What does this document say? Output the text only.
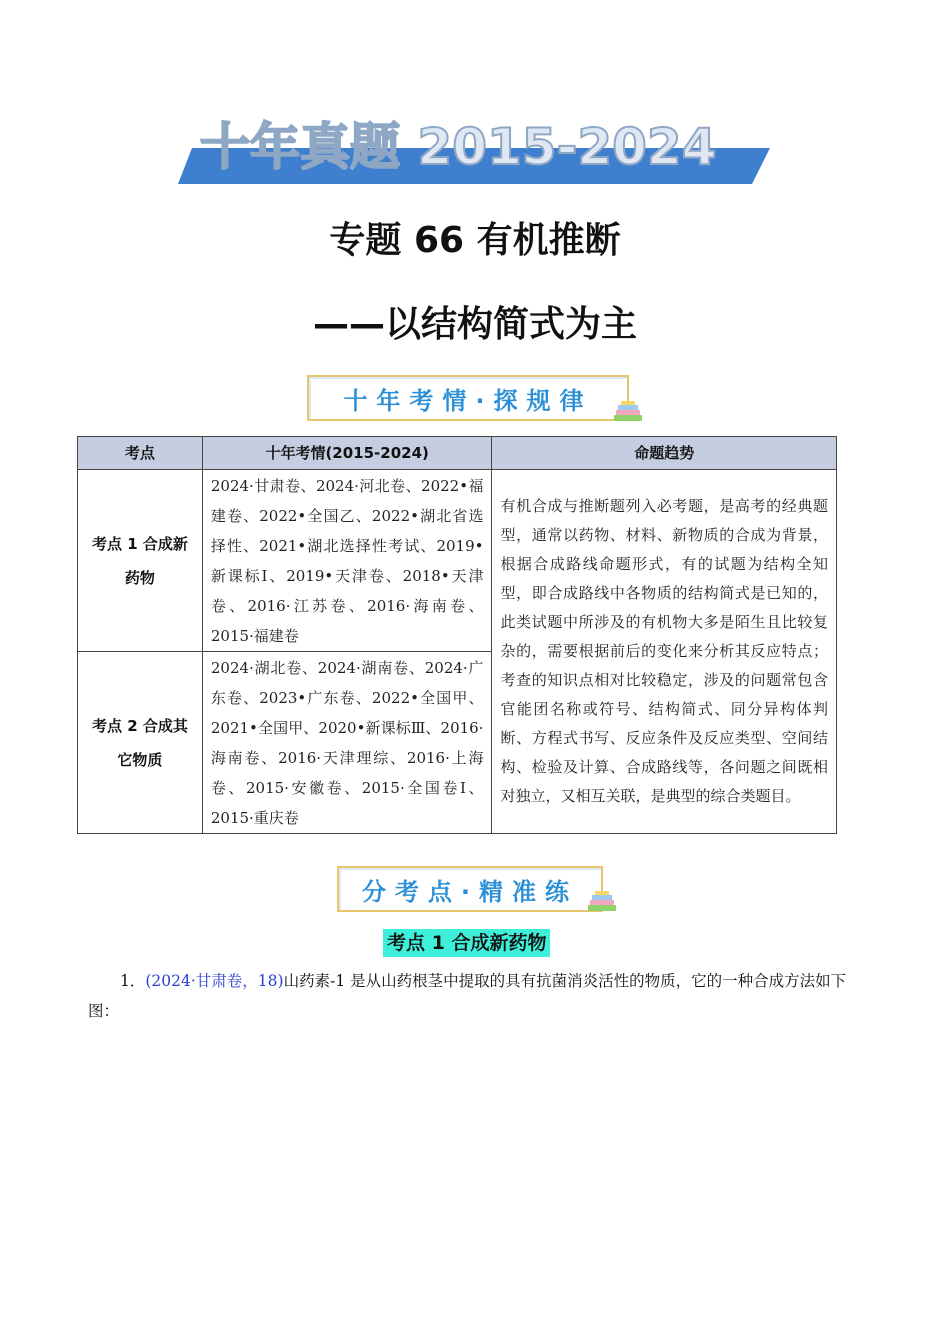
十年真题 2015-2024
专题 66 有机推断
——以结构简式为主
十年考情·探规律
考点	十年考情(2015-2024)	命题趋势
考点 1 合成新药物	2024·甘肃卷、2024·河北卷、2022•福建卷、2022•全国乙、2022•湖北省选择性、2021•湖北选择性考试、2019•新课标Ⅰ、2019•天津卷、2018•天津卷、2016·江苏卷、2016·海南卷、2015·福建卷	有机合成与推断题列入必考题，是高考的经典题型，通常以药物、材料、新物质的合成为背景，根据合成路线命题形式，有的试题为结构全知型，即合成路线中各物质的结构简式是已知的，此类试题中所涉及的有机物大多是陌生且比较复杂的，需要根据前后的变化来分析其反应特点；考查的知识点相对比较稳定，涉及的问题常包含官能团名称或符号、结构简式、同分异构体判断、方程式书写、反应条件及反应类型、空间结构、检验及计算、合成路线等，各问题之间既相对独立，又相互关联，是典型的综合类题目。
考点 2 合成其它物质	2024·湖北卷、2024·湖南卷、2024·广东卷、2023•广东卷、2022•全国甲、2021•全国甲、2020•新课标Ⅲ、2016·海南卷、2016·天津理综、2016·上海卷、2015·安徽卷、2015·全国卷Ⅰ、2015·重庆卷	
分考点·精准练
考点 1 合成新药物
1．(2024·甘肃卷，18)山药素-1 是从山药根茎中提取的具有抗菌消炎活性的物质，它的一种合成方法如下图：
